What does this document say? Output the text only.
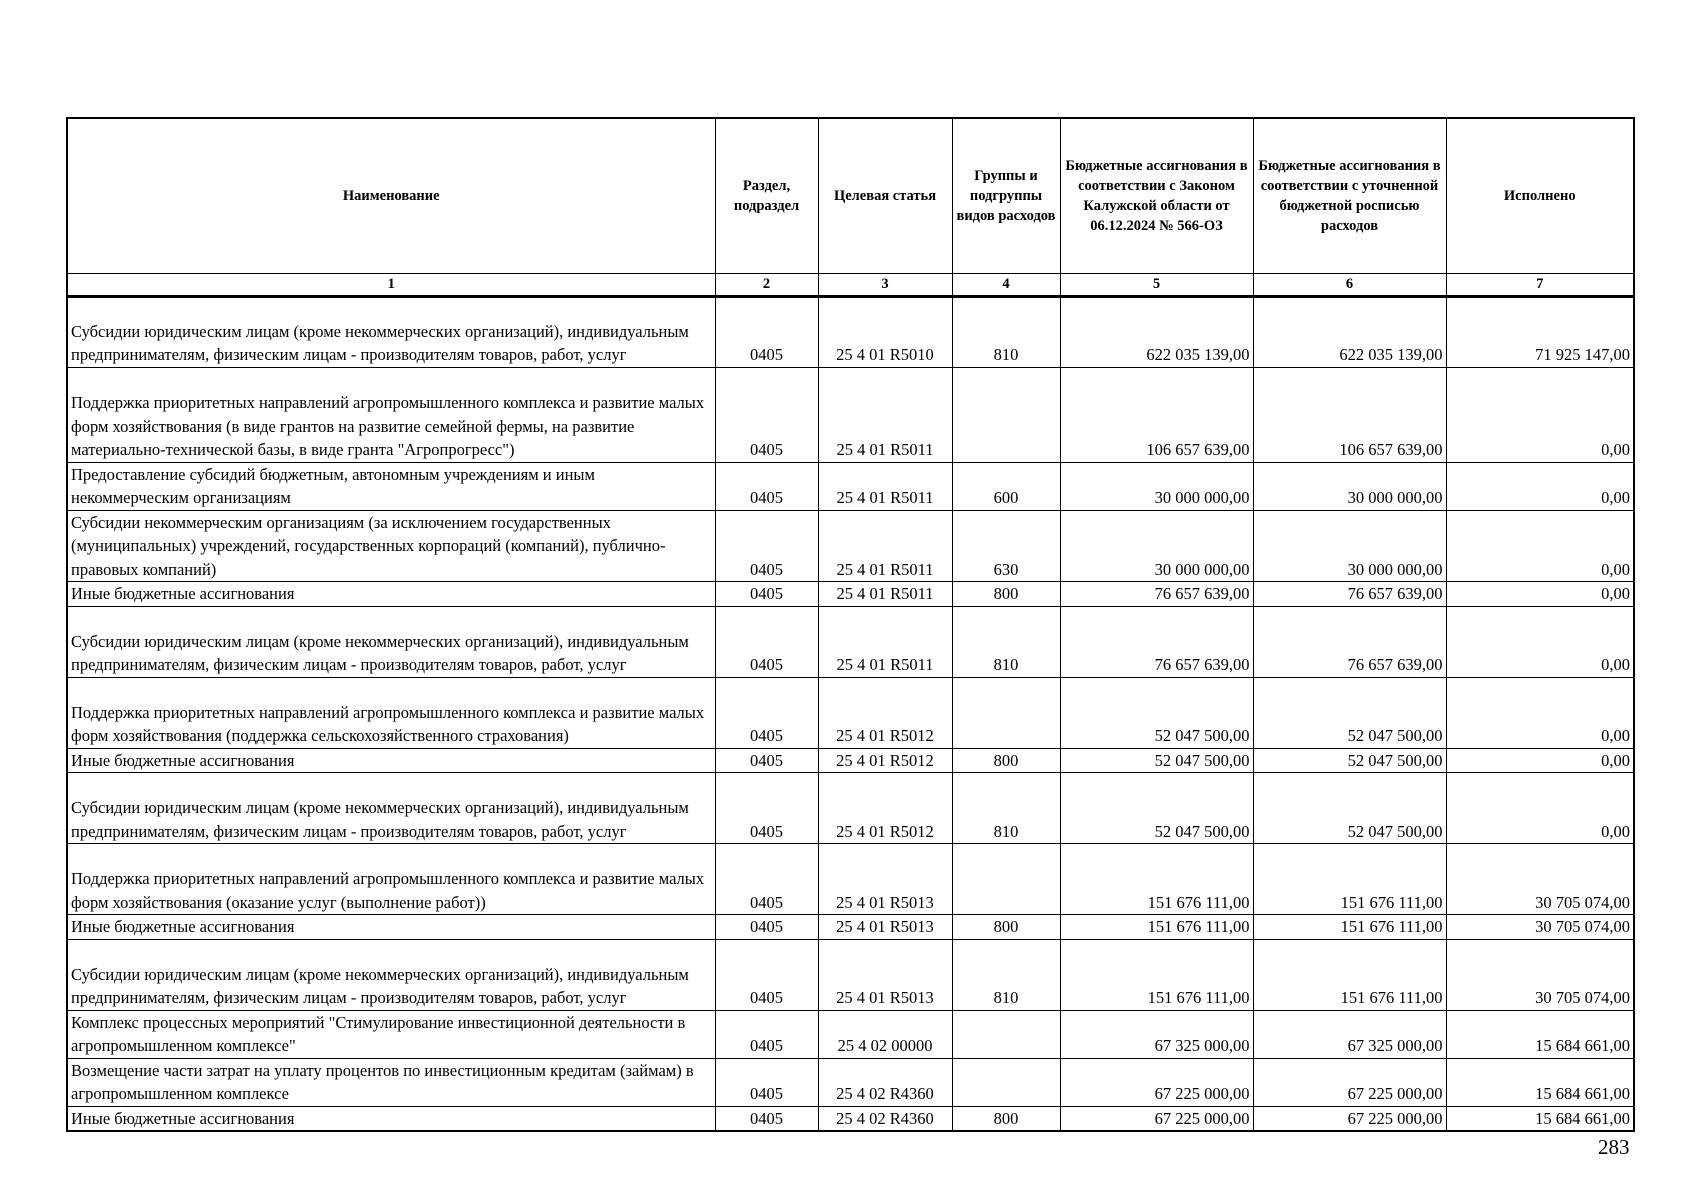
Наименование	Раздел, подраздел	Целевая статья	Группы и подгруппы видов расходов	Бюджетные ассигнования в соответствии с Законом Калужской области от 06.12.2024 № 566-ОЗ	Бюджетные ассигнования в соответствии с уточненной бюджетной росписью расходов	Исполнено
1	2	3	4	5	6	7
Субсидии юридическим лицам (кроме некоммерческих организаций), индивидуальным предпринимателям, физическим лицам - производителям товаров, работ, услуг	0405	25 4 01 R5010	810	622 035 139,00	622 035 139,00	71 925 147,00
Поддержка приоритетных направлений агропромышленного комплекса и развитие малых форм хозяйствования (в виде грантов на развитие семейной фермы, на развитие материально-технической базы, в виде гранта "Агропрогресс")	0405	25 4 01 R5011		106 657 639,00	106 657 639,00	0,00
Предоставление субсидий бюджетным, автономным учреждениям и иным некоммерческим организациям	0405	25 4 01 R5011	600	30 000 000,00	30 000 000,00	0,00
Субсидии некоммерческим организациям (за исключением государственных (муниципальных) учреждений, государственных корпораций (компаний), публично-правовых компаний)	0405	25 4 01 R5011	630	30 000 000,00	30 000 000,00	0,00
Иные бюджетные ассигнования	0405	25 4 01 R5011	800	76 657 639,00	76 657 639,00	0,00
Субсидии юридическим лицам (кроме некоммерческих организаций), индивидуальным предпринимателям, физическим лицам - производителям товаров, работ, услуг	0405	25 4 01 R5011	810	76 657 639,00	76 657 639,00	0,00
Поддержка приоритетных направлений агропромышленного комплекса и развитие малых форм хозяйствования (поддержка сельскохозяйственного страхования)	0405	25 4 01 R5012		52 047 500,00	52 047 500,00	0,00
Иные бюджетные ассигнования	0405	25 4 01 R5012	800	52 047 500,00	52 047 500,00	0,00
Субсидии юридическим лицам (кроме некоммерческих организаций), индивидуальным предпринимателям, физическим лицам - производителям товаров, работ, услуг	0405	25 4 01 R5012	810	52 047 500,00	52 047 500,00	0,00
Поддержка приоритетных направлений агропромышленного комплекса и развитие малых форм хозяйствования (оказание услуг (выполнение работ))	0405	25 4 01 R5013		151 676 111,00	151 676 111,00	30 705 074,00
Иные бюджетные ассигнования	0405	25 4 01 R5013	800	151 676 111,00	151 676 111,00	30 705 074,00
Субсидии юридическим лицам (кроме некоммерческих организаций), индивидуальным предпринимателям, физическим лицам - производителям товаров, работ, услуг	0405	25 4 01 R5013	810	151 676 111,00	151 676 111,00	30 705 074,00
Комплекс процессных мероприятий "Стимулирование инвестиционной деятельности в агропромышленном комплексе"	0405	25 4 02 00000		67 325 000,00	67 325 000,00	15 684 661,00
Возмещение части затрат на уплату процентов по инвестиционным кредитам (займам) в агропромышленном комплексе	0405	25 4 02 R4360		67 225 000,00	67 225 000,00	15 684 661,00
Иные бюджетные ассигнования	0405	25 4 02 R4360	800	67 225 000,00	67 225 000,00	15 684 661,00
283
